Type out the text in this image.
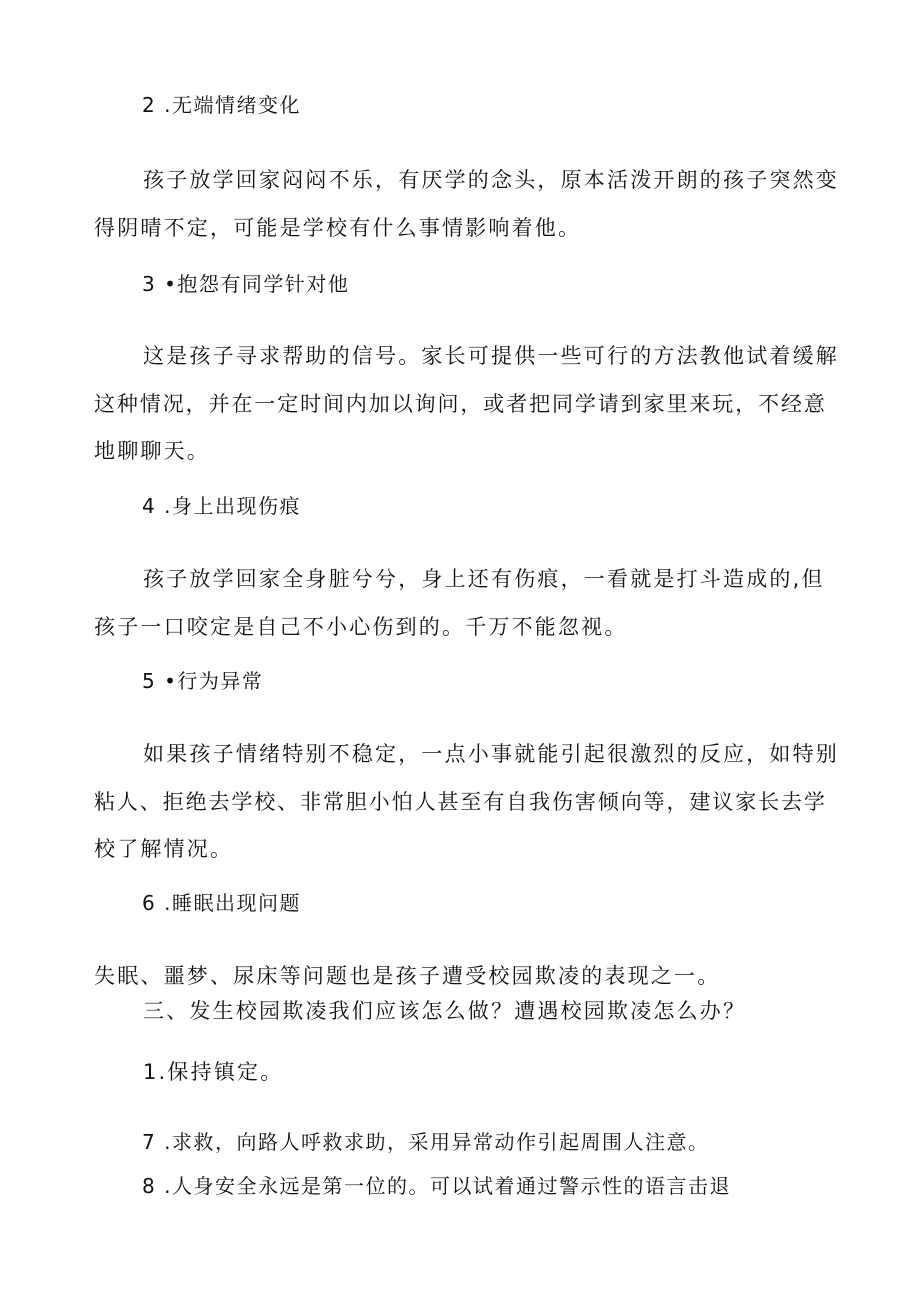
2 .无端情绪变化
孩子放学回家闷闷不乐，有厌学的念头，原本活泼开朗的孩子突然变
得阴晴不定，可能是学校有什么事情影响着他。
3 •抱怨有同学针对他
这是孩子寻求帮助的信号。家长可提供一些可行的方法教他试着缓解
这种情况，并在一定时间内加以询问，或者把同学请到家里来玩，不经意
地聊聊天。
4 .身上出现伤痕
孩子放学回家全身脏兮兮，身上还有伤痕，一看就是打斗造成的,但
孩子一口咬定是自己不小心伤到的。千万不能忽视。
5 •行为异常
如果孩子情绪特别不稳定，一点小事就能引起很激烈的反应，如特别
粘人、拒绝去学校、非常胆小怕人甚至有自我伤害倾向等，建议家长去学
校了解情况。
6 .睡眠出现问题
失眠、噩梦、尿床等问题也是孩子遭受校园欺凌的表现之一。
三、发生校园欺凌我们应该怎么做？遭遇校园欺凌怎么办？
1.保持镇定。
7 .求救，向路人呼救求助，采用异常动作引起周围人注意。
8 .人身安全永远是第一位的。可以试着通过警示性的语言击退
